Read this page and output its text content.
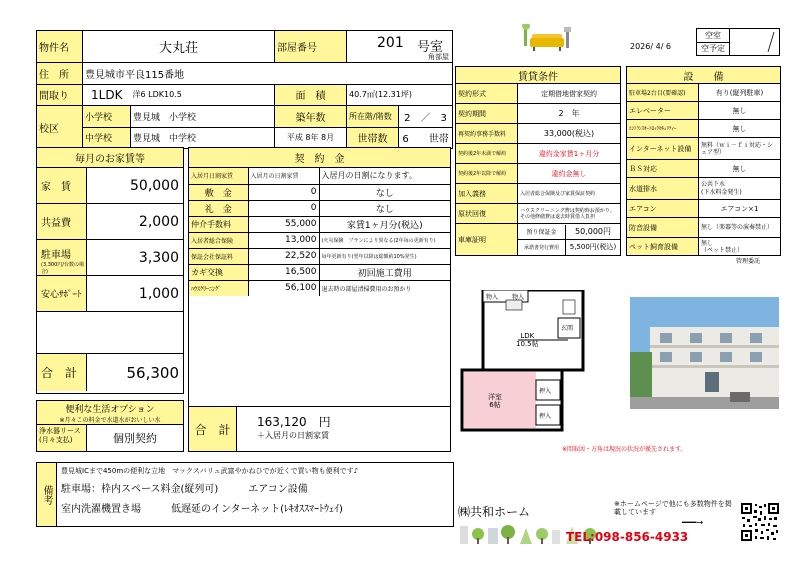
物件名	大丸荘		部屋番号	201 号室
角部屋	

住　所	豊見城市平良115番地				
間取り	1LDK	洋6 LDK10.5	面　積	40.7㎡(12.31坪)	
校区	小学校	豊見城　小学校	築年数	所在階/階数	2　／　3
	中学校	豊見城　中学校	平成 8年 8月	世帯数	6　　世帯
2026/ 4/ 6
空室	

空予定
賃貸条件	
契約形式	定期借地借家契約
契約期間	2　年
再契約事務手数料	33,000(税込)
契約後2年未満で解約	違約金家賃1ヶ月分
契約後2年以降で解約	違約金無し
加入義務	入居者総合保険及び家賃保証契約
原状回復	ハウスクリーニング費は契約時お預かり。その他修繕費は退去時賃借人負担
車庫証明	預り保証金 50,000円
承諾書発行費用 5,500円(税込)
設　　備	
駐車場2台目(要確認)	有り(縦列駐車)
エレベーター	無し
ｴﾝﾄﾗﾝｽｵｰﾄﾛｯｸｾｷｭﾘﾃｨｰ	無し
インターネット設備	無料（ｗｉ－ｆｉ対応・シェア型）
ＢＳ対応	無し
水道排水	公共下水
(下水料金発生)
エアコン	エアコン×1
防音設備	無し（楽器等の演奏禁止）
ペット飼育設備	無し
（ペット禁止）
管理委託
毎月のお家賃等
家　賃	50,000
共益費	2,000
駐車場
(3,300円/台数の場合)
3,300
安心ｻﾎﾟｰﾄ	1,000
合　計	56,300
便利な生活オプション
※月々この料金で水道水がおいしい水
浄水器リース
(月々支払)	個別契約
契　約　金
入居月日割家賃	入居月の日割家賃	入居月の日割になります。
敷　金	0	なし
礼　金	0	なし
仲介手数料	55,000	家賃1ヶ月分(税込)
入居者総合保険	13,000	(火災保険　プランにより異なる(2年毎の更新有り)
保証会社保証料	22,520	毎年更新有り(翌年以降は総額約10%発生)
カギ交換	16,500	初回施工費用
ﾊｳｽｸﾘｰﾆﾝｸﾞ	56,100	退去時の部屋清掃費用のお預かり
合　計
163,120　円
＋入居月の日割家賃
物入 物入
LDK
10.5帖
玄関
洋室
6帖
押入
押入
※間取図・方角は現況の状況が優先されます。
備考
豊見城ICまで450mの便利な立地　マックスバリュ武富やかねひでが近くで買い物も便利です♪
駐車場：枠内スペース料金(縦列可)　　　エアコン設備
室内洗濯機置き場　　　低遅延のインターネット(ﾚｷｵｽｽﾏｰﾄｳｪｲ)	㈱共和ホーム
TEL:098-856-4933
※ホームページで他にも多数物件を掲載しています
━━━→
